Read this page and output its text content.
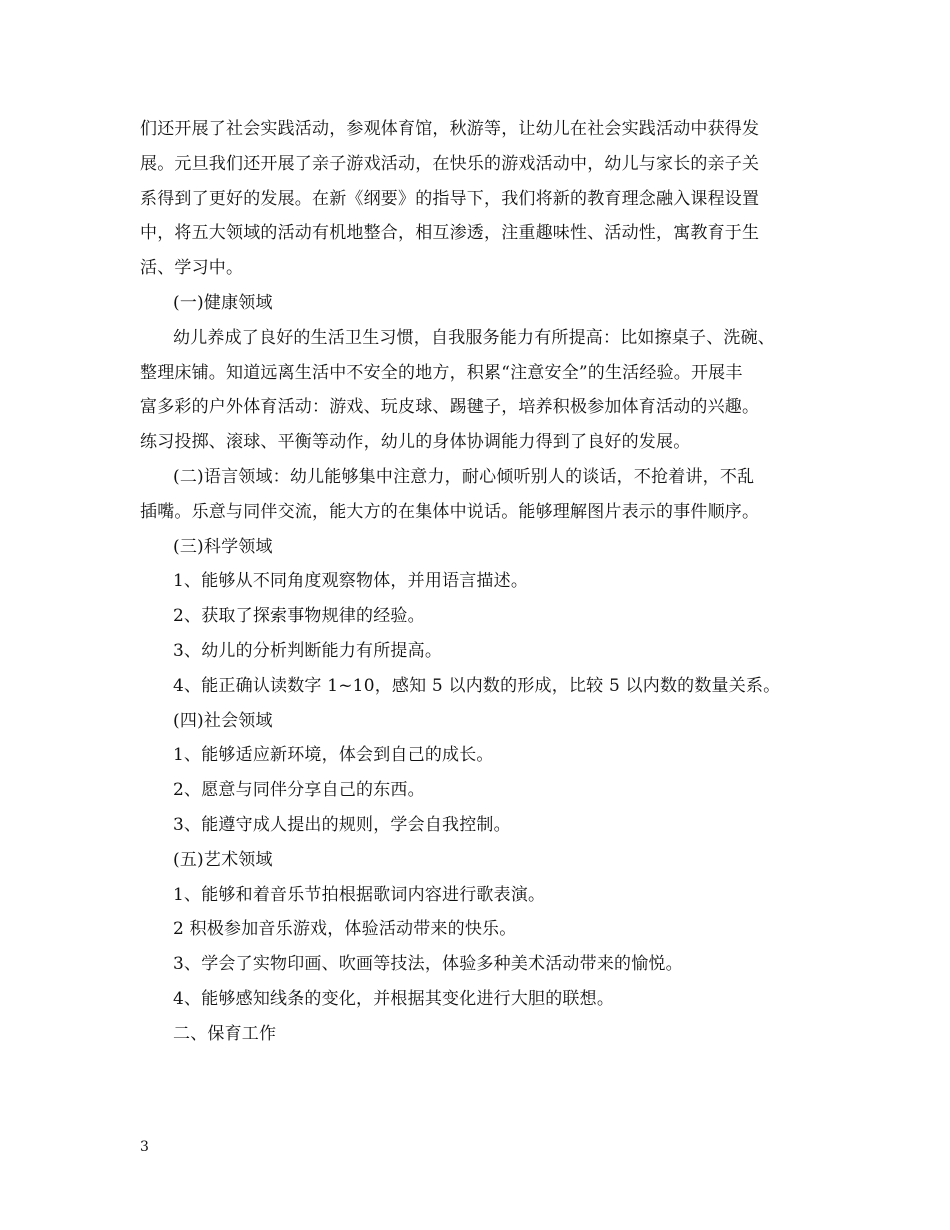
们还开展了社会实践活动，参观体育馆，秋游等，让幼儿在社会实践活动中获得发
展。元旦我们还开展了亲子游戏活动，在快乐的游戏活动中，幼儿与家长的亲子关
系得到了更好的发展。在新《纲要》的指导下，我们将新的教育理念融入课程设置
中，将五大领域的活动有机地整合，相互渗透，注重趣味性、活动性，寓教育于生
活、学习中。
(一)健康领域
幼儿养成了良好的生活卫生习惯，自我服务能力有所提高：比如擦桌子、洗碗、
整理床铺。知道远离生活中不安全的地方，积累“注意安全”的生活经验。开展丰
富多彩的户外体育活动：游戏、玩皮球、踢毽子，培养积极参加体育活动的兴趣。
练习投掷、滚球、平衡等动作，幼儿的身体协调能力得到了良好的发展。
(二)语言领域：幼儿能够集中注意力，耐心倾听别人的谈话，不抢着讲，不乱
插嘴。乐意与同伴交流，能大方的在集体中说话。能够理解图片表示的事件顺序。
(三)科学领域
1、能够从不同角度观察物体，并用语言描述。
2、获取了探索事物规律的经验。
3、幼儿的分析判断能力有所提高。
4、能正确认读数字 1~10，感知 5 以内数的形成，比较 5 以内数的数量关系。
(四)社会领域
1、能够适应新环境，体会到自己的成长。
2、愿意与同伴分享自己的东西。
3、能遵守成人提出的规则，学会自我控制。
(五)艺术领域
1、能够和着音乐节拍根据歌词内容进行歌表演。
2 积极参加音乐游戏，体验活动带来的快乐。
3、学会了实物印画、吹画等技法，体验多种美术活动带来的愉悦。
4、能够感知线条的变化，并根据其变化进行大胆的联想。
二、保育工作
3
